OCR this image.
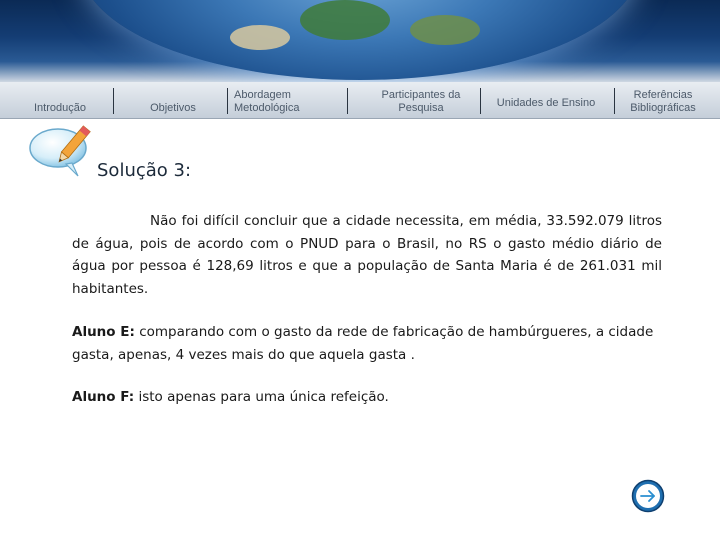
Introdução	Objetivos
Abordagem Metodológica
Participantes da Pesquisa	Unidades de Ensino
Referências Bibliográficas
Solução 3:
Não foi difícil concluir que a cidade necessita, em média, 33.592.079 litros de água, pois de acordo com o PNUD para o Brasil, no RS o gasto médio diário de água por pessoa é 128,69 litros e que a população de Santa Maria é de 261.031 mil habitantes.
Aluno E: comparando com o gasto da rede de fabricação de hambúrgueres, a cidade gasta, apenas, 4 vezes mais do que aquela gasta .
Aluno F: isto apenas para uma única refeição.
